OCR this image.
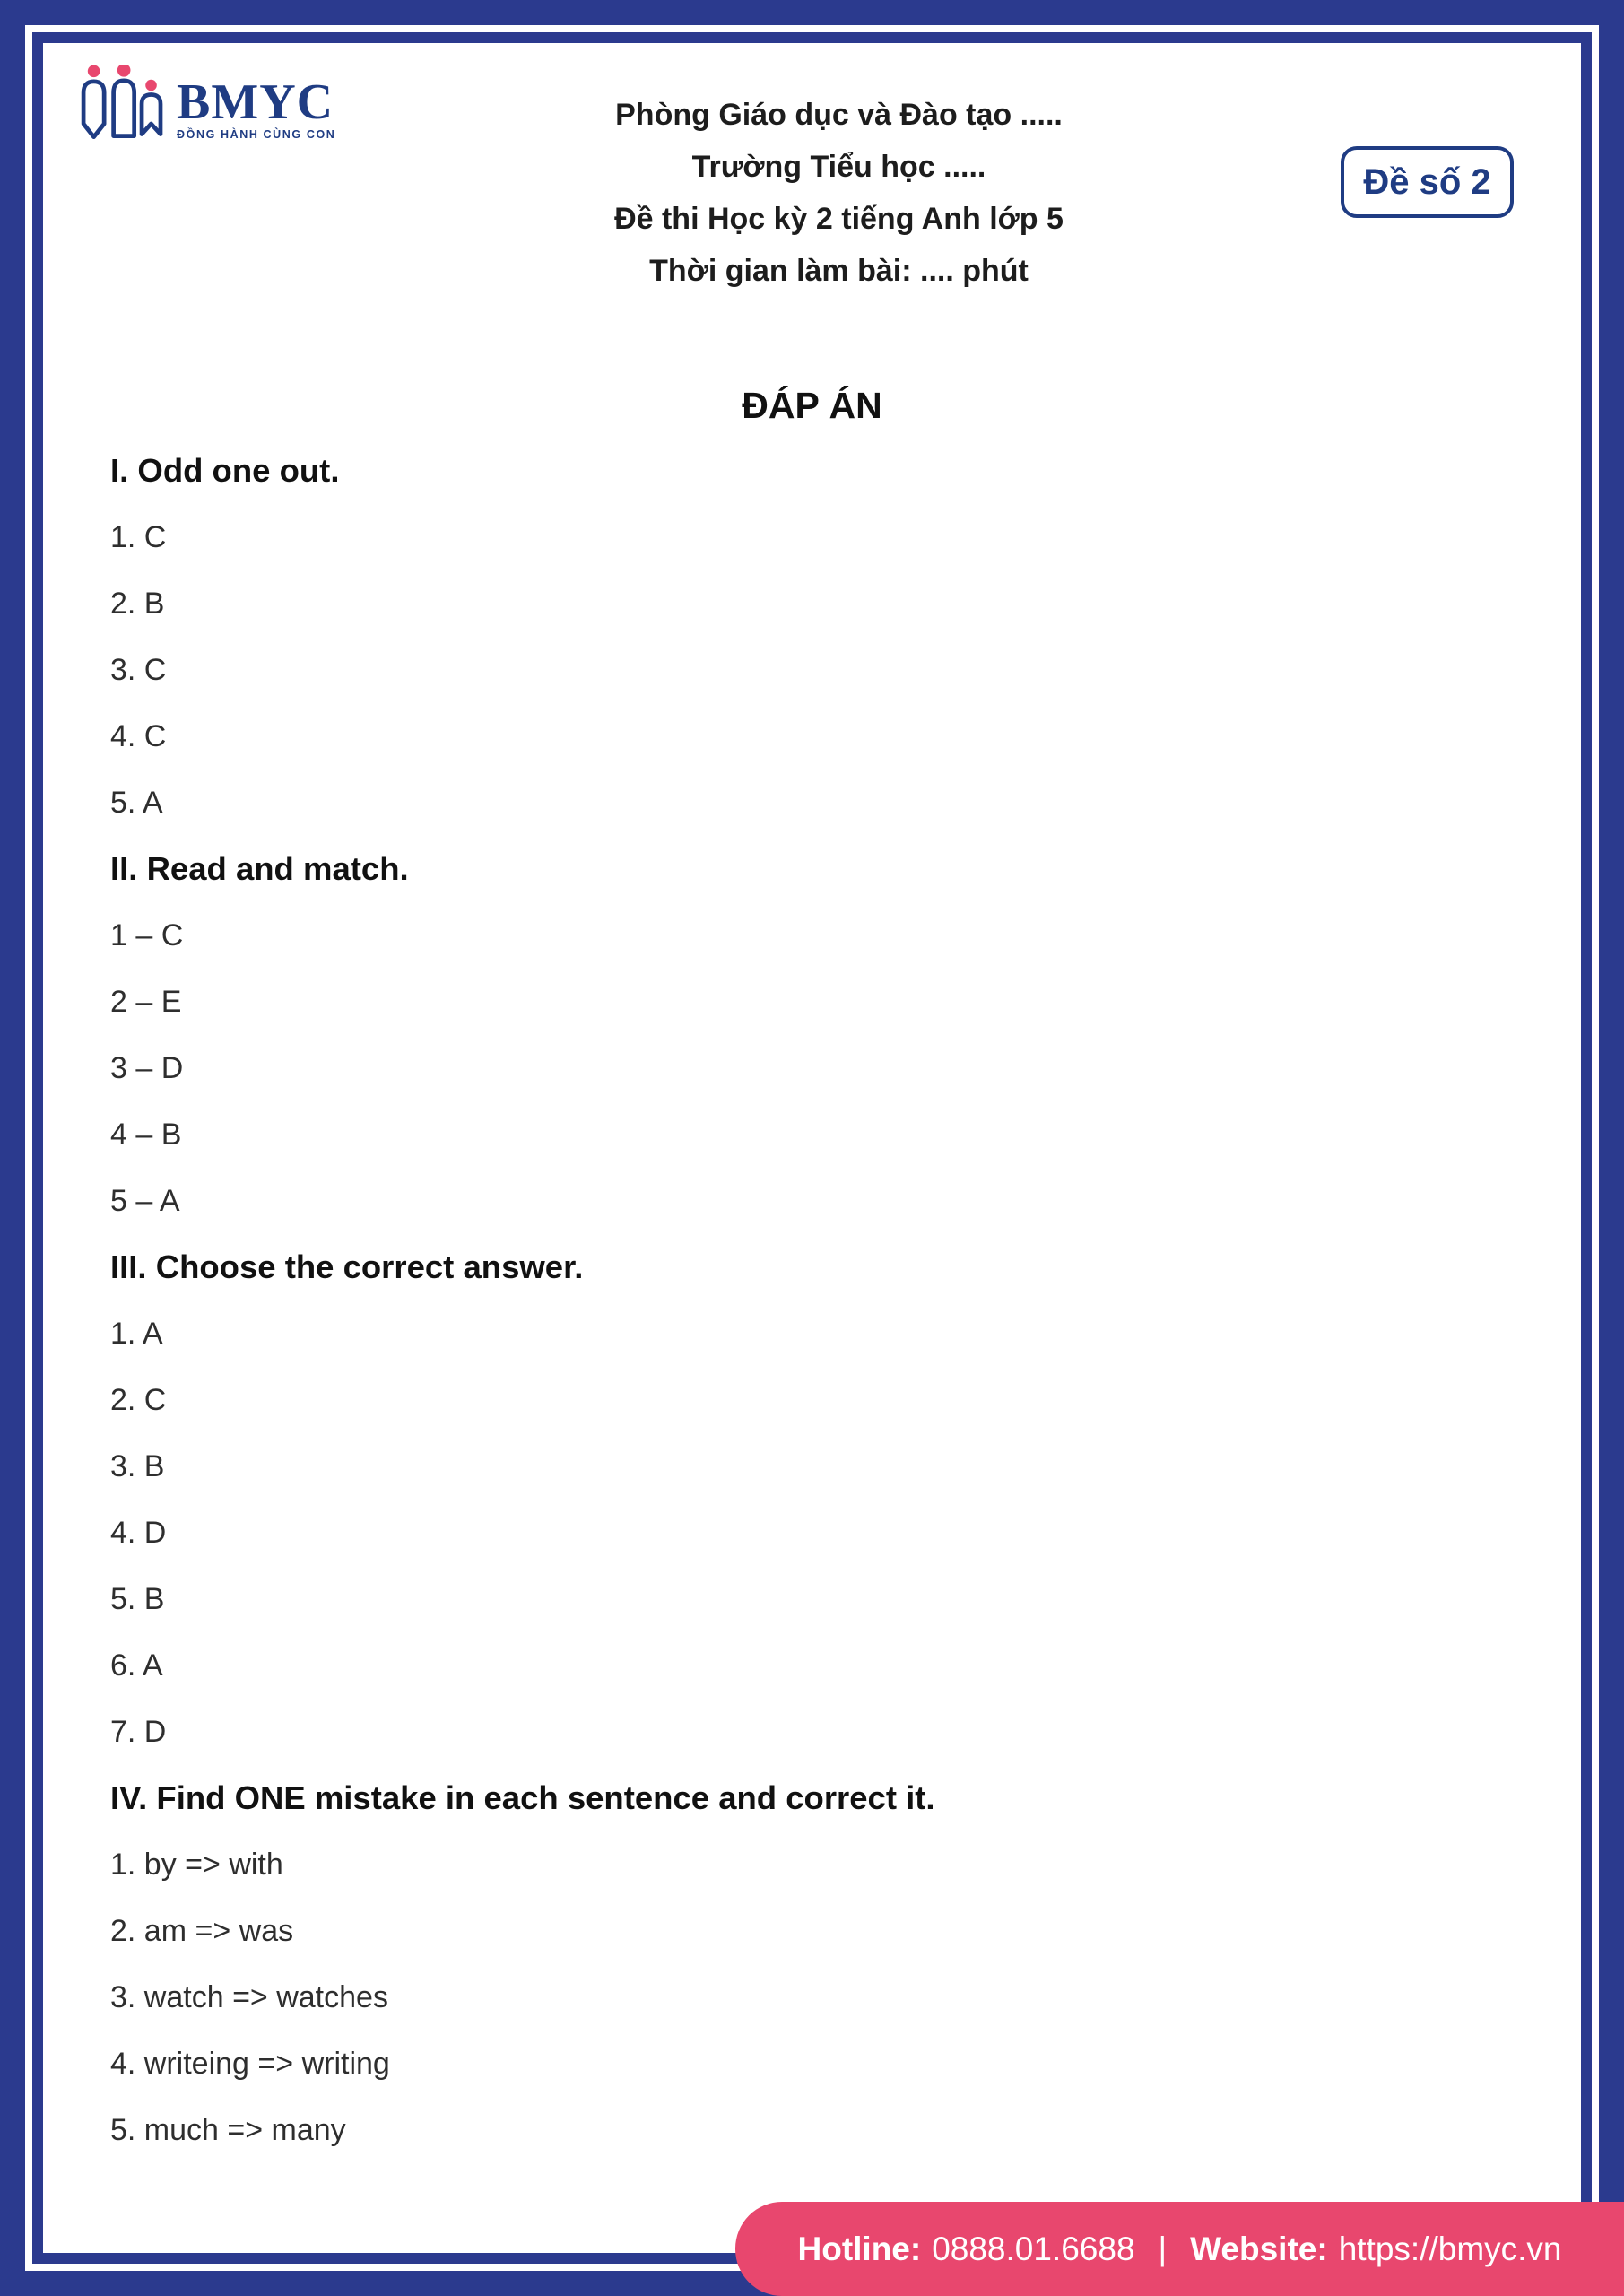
BMYC
ĐỒNG HÀNH CÙNG CON
Phòng Giáo dục và Đào tạo .....
Trường Tiểu học .....
Đề thi Học kỳ 2 tiếng Anh lớp 5
Thời gian làm bài: .... phút
Đề số 2
ĐÁP ÁN
I. Odd one out.
1. C
2. B
3. C
4. C
5. A
II. Read and match.
1 – C
2 – E
3 – D
4 – B
5 – A
III. Choose the correct answer.
1. A
2. C
3. B
4. D
5. B
6. A
7. D
IV. Find ONE mistake in each sentence and correct it.
1. by => with
2. am => was
3. watch => watches
4. writeing => writing
5. much => many
Hotline: 0888.01.6688 | Website: https://bmyc.vn
